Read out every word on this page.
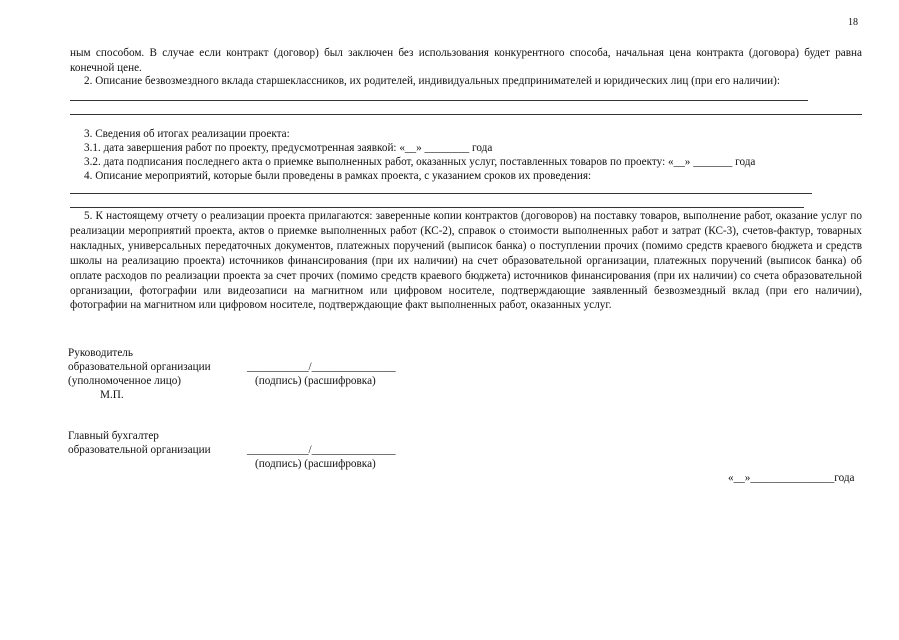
18
ным способом. В случае если контракт (договор) был заключен без использования конкурентного способа, начальная цена контракта (договора) будет равна конечной цене.
2. Описание безвозмездного вклада старшеклассников, их родителей, индивидуальных предпринимателей и юридических лиц (при его наличии):
3. Сведения об итогах реализации проекта:
3.1. дата завершения работ по проекту, предусмотренная заявкой: «__» ________ года
3.2. дата подписания последнего акта о приемке выполненных работ, оказанных услуг, поставленных товаров по проекту: «__» _______ года
4. Описание мероприятий, которые были проведены в рамках проекта, с указанием сроков их проведения:
5. К настоящему отчету о реализации проекта прилагаются: заверенные копии контрактов (договоров) на поставку товаров, выполнение работ, оказание услуг по реализации мероприятий проекта, актов о приемке выполненных работ (КС-2), справок о стоимости выполненных работ и затрат (КС-3), счетов-фактур, товарных накладных, универсальных передаточных документов, платежных поручений (выписок банка) о поступлении прочих (помимо средств краевого бюджета и средств школы на реализацию проекта) источников финансирования (при их наличии) на счет образовательной организации, платежных поручений (выписок банка) об оплате расходов по реализации проекта за счет прочих (помимо средств краевого бюджета) источников финансирования (при их наличии) со счета образовательной организации, фотографии или видеозаписи на магнитном или цифровом носителе, подтверждающие заявленный безвозмездный вклад (при его наличии), фотографии на магнитном или цифровом носителе, подтверждающие факт выполненных работ, оказанных услуг.
Руководитель
образовательной организации
(уполномоченное лицо)
М.П.
___________/_______________
(подпись) (расшифровка)
Главный бухгалтер
образовательной организации	___________/_______________
(подпись) (расшифровка)
«__»_______________года
